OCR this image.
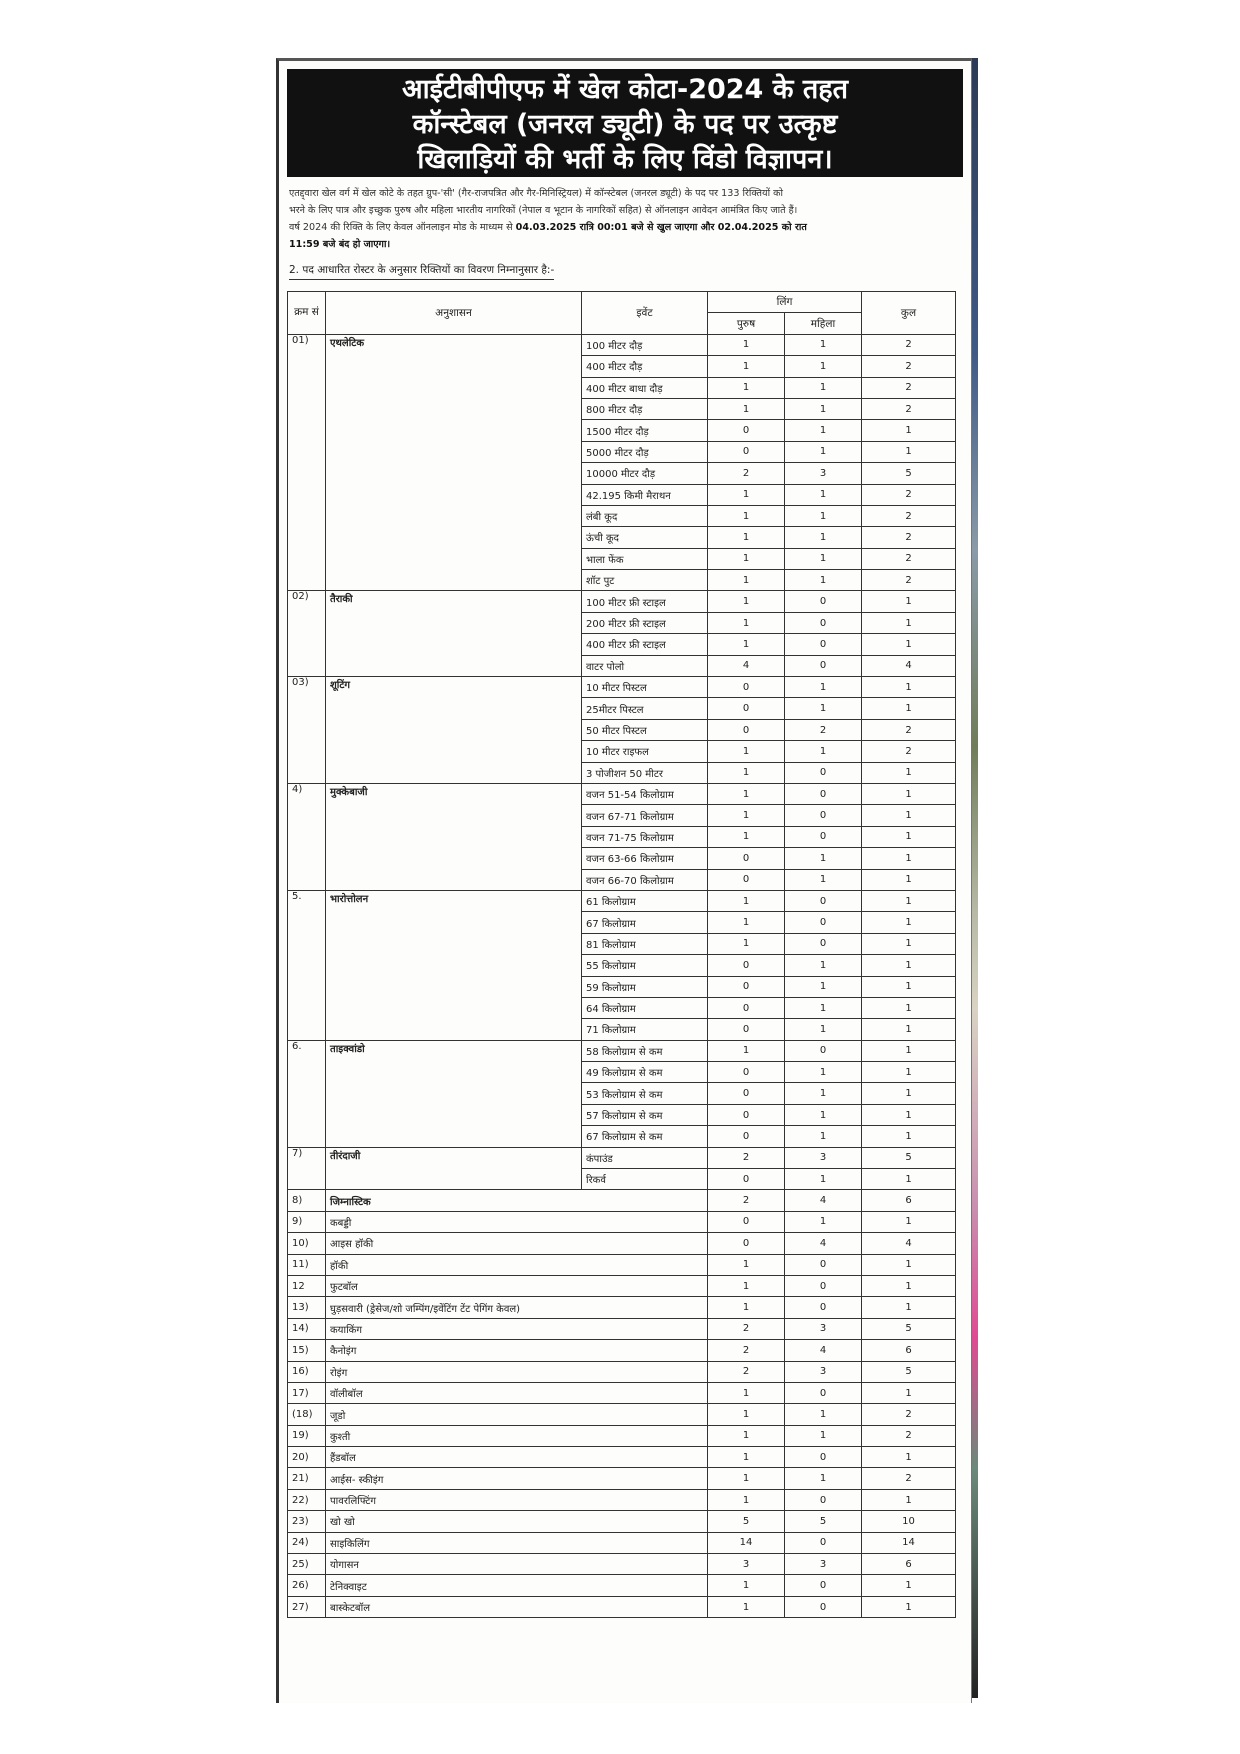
आईटीबीपीएफ में खेल कोटा-2024 के तहत
कॉन्स्टेबल (जनरल ड्यूटी) के पद पर उत्कृष्ट
खिलाड़ियों की भर्ती के लिए विंडो विज्ञापन।
एतद्द्वारा खेल वर्ग में खेल कोटे के तहत ग्रुप-'सी' (गैर-राजपत्रित और गैर-मिनिस्ट्रियल) में कॉन्स्टेबल (जनरल ड्यूटी) के पद पर 133 रिक्तियों को
भरने के लिए पात्र और इच्छुक पुरुष और महिला भारतीय नागरिकों (नेपाल व भूटान के नागरिकों सहित) से ऑनलाइन आवेदन आमंत्रित किए जाते हैं।
वर्ष 2024 की रिक्ति के लिए केवल ऑनलाइन मोड के माध्यम से 04.03.2025 रात्रि 00:01 बजे से खुल जाएगा और 02.04.2025 को रात
11:59 बजे बंद हो जाएगा।
2. पद आधारित रोस्टर के अनुसार रिक्तियों का विवरण निम्नानुसार है:-
क्रम सं	अनुशासन	इवेंट	लिंग		कुल
			पुरुष	महिला	
01)	एथलेटिक	100 मीटर दौड़	1	1	2
		400 मीटर दौड़	1	1	2
		400 मीटर बाधा दौड़	1	1	2
		800 मीटर दौड़	1	1	2
		1500 मीटर दौड़	0	1	1
		5000 मीटर दौड़	0	1	1
		10000 मीटर दौड़	2	3	5
		42.195 किमी मैराथन	1	1	2
		लंबी कूद	1	1	2
		ऊंची कूद	1	1	2
		भाला फेंक	1	1	2
		शॉट पुट	1	1	2
02)	तैराकी	100 मीटर फ्री स्टाइल	1	0	1
		200 मीटर फ्री स्टाइल	1	0	1
		400 मीटर फ्री स्टाइल	1	0	1
		वाटर पोलो	4	0	4
03)	शूटिंग	10 मीटर पिस्टल	0	1	1
		25मीटर पिस्टल	0	1	1
		50 मीटर पिस्टल	0	2	2
		10 मीटर राइफल	1	1	2
		3 पोजीशन 50 मीटर	1	0	1
4)	मुक्केबाजी	वजन 51-54 किलोग्राम	1	0	1
		वजन 67-71 किलोग्राम	1	0	1
		वजन 71-75 किलोग्राम	1	0	1
		वजन 63-66 किलोग्राम	0	1	1
		वजन 66-70 किलोग्राम	0	1	1
5.	भारोत्तोलन	61 किलोग्राम	1	0	1
		67 किलोग्राम	1	0	1
		81 किलोग्राम	1	0	1
		55 किलोग्राम	0	1	1
		59 किलोग्राम	0	1	1
		64 किलोग्राम	0	1	1
		71 किलोग्राम	0	1	1
6.	ताइक्वांडो	58 किलोग्राम से कम	1	0	1
		49 किलोग्राम से कम	0	1	1
		53 किलोग्राम से कम	0	1	1
		57 किलोग्राम से कम	0	1	1
		67 किलोग्राम से कम	0	1	1
7)	तीरंदाजी	कंपाउंड	2	3	5
		रिकर्व	0	1	1
8)	जिम्नास्टिक		2	4	6
9)	कबड्डी		0	1	1
10)	आइस हॉकी		0	4	4
11)	हॉकी		1	0	1
12	फुटबॉल		1	0	1
13)	घुड़सवारी (ड्रेसेज/शो जम्पिंग/इवेंटिंग टेंट पेगिंग केवल)		1	0	1
14)	कयाकिंग		2	3	5
15)	कैनोइंग		2	4	6
16)	रोइंग		2	3	5
17)	वॉलीबॉल		1	0	1
(18)	जूडो		1	1	2
19)	कुश्ती		1	1	2
20)	हैंडबॉल		1	0	1
21)	आईस- स्कीइंग		1	1	2
22)	पावरलिफ्टिंग		1	0	1
23)	खो खो		5	5	10
24)	साइकिलिंग		14	0	14
25)	योगासन		3	3	6
26)	टेनिक्वाइट		1	0	1
27)	बास्केटबॉल		1	0	1
